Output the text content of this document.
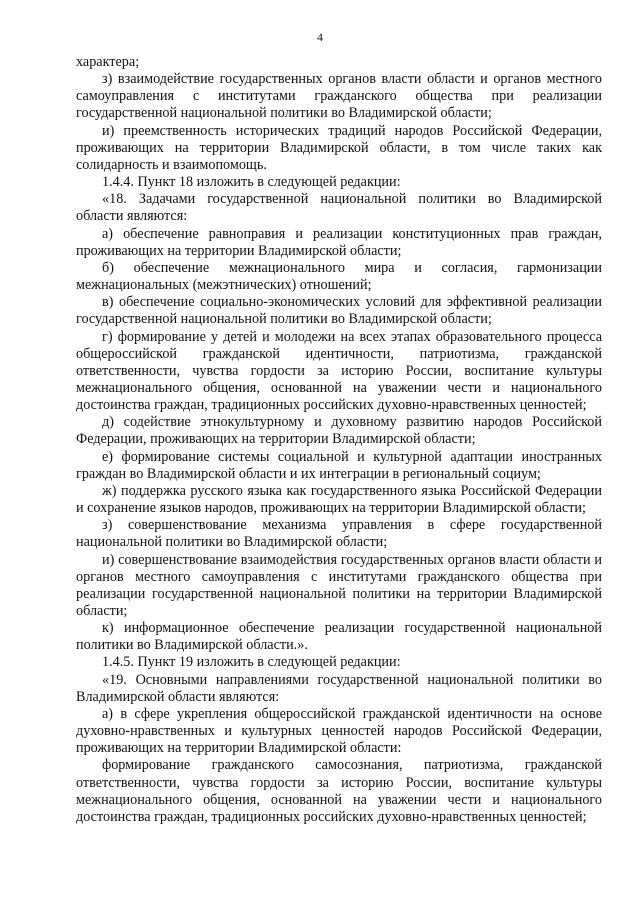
4

характера;

з) взаимодействие государственных органов власти области и органов местного самоуправления с институтами гражданского общества при реализации государственной национальной политики во Владимирской области;

и) преемственность исторических традиций народов Российской Федерации, проживающих на территории Владимирской области, в том числе таких как солидарность и взаимопомощь.

1.4.4. Пункт 18 изложить в следующей редакции:

«18. Задачами государственной национальной политики во Владимирской области являются:

а) обеспечение равноправия и реализации конституционных прав граждан, проживающих на территории Владимирской области;

б) обеспечение межнационального мира и согласия, гармонизации межнациональных (межэтнических) отношений;

в) обеспечение социально-экономических условий для эффективной реализации государственной национальной политики во Владимирской области;

г) формирование у детей и молодежи на всех этапах образовательного процесса общероссийской гражданской идентичности, патриотизма, гражданской ответственности, чувства гордости за историю России, воспитание культуры межнационального общения, основанной на уважении чести и национального достоинства граждан, традиционных российских духовно-нравственных ценностей;

д) содействие этнокультурному и духовному развитию народов Российской Федерации, проживающих на территории Владимирской области;

е) формирование системы социальной и культурной адаптации иностранных граждан во Владимирской области и их интеграции в региональный социум;

ж) поддержка русского языка как государственного языка Российской Федерации и сохранение языков народов, проживающих на территории Владимирской области;

з) совершенствование механизма управления в сфере государственной национальной политики во Владимирской области;

и) совершенствование взаимодействия государственных органов власти области и органов местного самоуправления с институтами гражданского общества при реализации государственной национальной политики на территории Владимирской области;

к) информационное обеспечение реализации государственной национальной политики во Владимирской области.».

1.4.5. Пункт 19 изложить в следующей редакции:

«19. Основными направлениями государственной национальной политики во Владимирской области являются:

а) в сфере укрепления общероссийской гражданской идентичности на основе духовно-нравственных и культурных ценностей народов Российской Федерации, проживающих на территории Владимирской области:

формирование гражданского самосознания, патриотизма, гражданской ответственности, чувства гордости за историю России, воспитание культуры межнационального общения, основанной на уважении чести и национального достоинства граждан, традиционных российских духовно-нравственных ценностей;
